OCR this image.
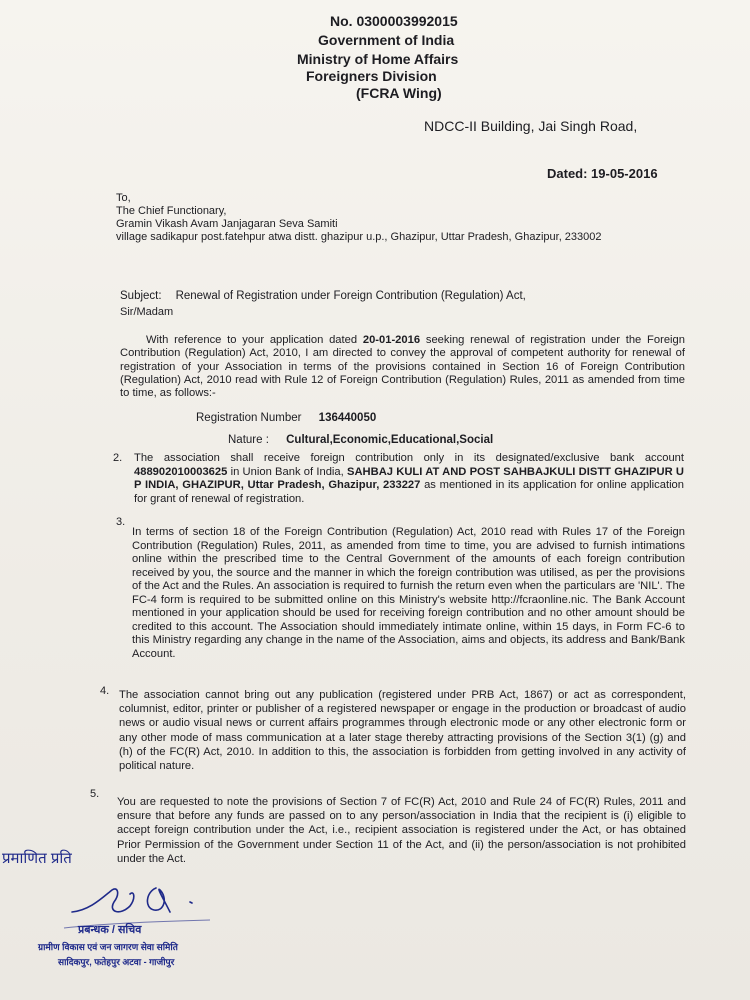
No. 0300003992015
Government of India
Ministry of Home Affairs
Foreigners Division
(FCRA Wing)
NDCC-II Building, Jai Singh Road,
Dated: 19-05-2016
To,
The Chief Functionary,
Gramin Vikash Avam Janjagaran Seva Samiti
village sadikapur post.fatehpur atwa distt. ghazipur u.p., Ghazipur, Uttar Pradesh, Ghazipur, 233002
Subject: Renewal of Registration under Foreign Contribution (Regulation) Act,
Sir/Madam
With reference to your application dated 20-01-2016 seeking renewal of registration under the Foreign Contribution (Regulation) Act, 2010, I am directed to convey the approval of competent authority for renewal of registration of your Association in terms of the provisions contained in Section 16 of Foreign Contribution (Regulation) Act, 2010 read with Rule 12 of Foreign Contribution (Regulation) Rules, 2011 as amended from time to time, as follows:-
Registration Number 136440050
Nature : Cultural,Economic,Educational,Social
2. The association shall receive foreign contribution only in its designated/exclusive bank account 488902010003625 in Union Bank of India, SAHBAJ KULI AT AND POST SAHBAJKULI DISTT GHAZIPUR U P INDIA, GHAZIPUR, Uttar Pradesh, Ghazipur, 233227 as mentioned in its application for online application for grant of renewal of registration.
3.
In terms of section 18 of the Foreign Contribution (Regulation) Act, 2010 read with Rules 17 of the Foreign Contribution (Regulation) Rules, 2011, as amended from time to time, you are advised to furnish intimations online within the prescribed time to the Central Government of the amounts of each foreign contribution received by you, the source and the manner in which the foreign contribution was utilised, as per the provisions of the Act and the Rules. An association is required to furnish the return even when the particulars are 'NIL'. The FC-4 form is required to be submitted online on this Ministry's website http://fcraonline.nic. The Bank Account mentioned in your application should be used for receiving foreign contribution and no other amount should be credited to this account. The Association should immediately intimate online, within 15 days, in Form FC-6 to this Ministry regarding any change in the name of the Association, aims and objects, its address and Bank/Bank Account.
4. The association cannot bring out any publication (registered under PRB Act, 1867) or act as correspondent, columnist, editor, printer or publisher of a registered newspaper or engage in the production or broadcast of audio news or audio visual news or current affairs programmes through electronic mode or any other electronic form or any other mode of mass communication at a later stage thereby attracting provisions of the Section 3(1) (g) and (h) of the FC(R) Act, 2010. In addition to this, the association is forbidden from getting involved in any activity of political nature.
5.
You are requested to note the provisions of Section 7 of FC(R) Act, 2010 and Rule 24 of FC(R) Rules, 2011 and ensure that before any funds are passed on to any person/association in India that the recipient is (i) eligible to accept foreign contribution under the Act, i.e., recipient association is registered under the Act, or has obtained Prior Permission of the Government under Section 11 of the Act, and (ii) the person/association is not prohibited under the Act.
प्रमाणित प्रति
प्रबन्धक / सचिव
ग्रामीण विकास एवं जन जागरण सेवा समिति
सादिकपुर, फतेहपुर अटवा - गाजीपुर
